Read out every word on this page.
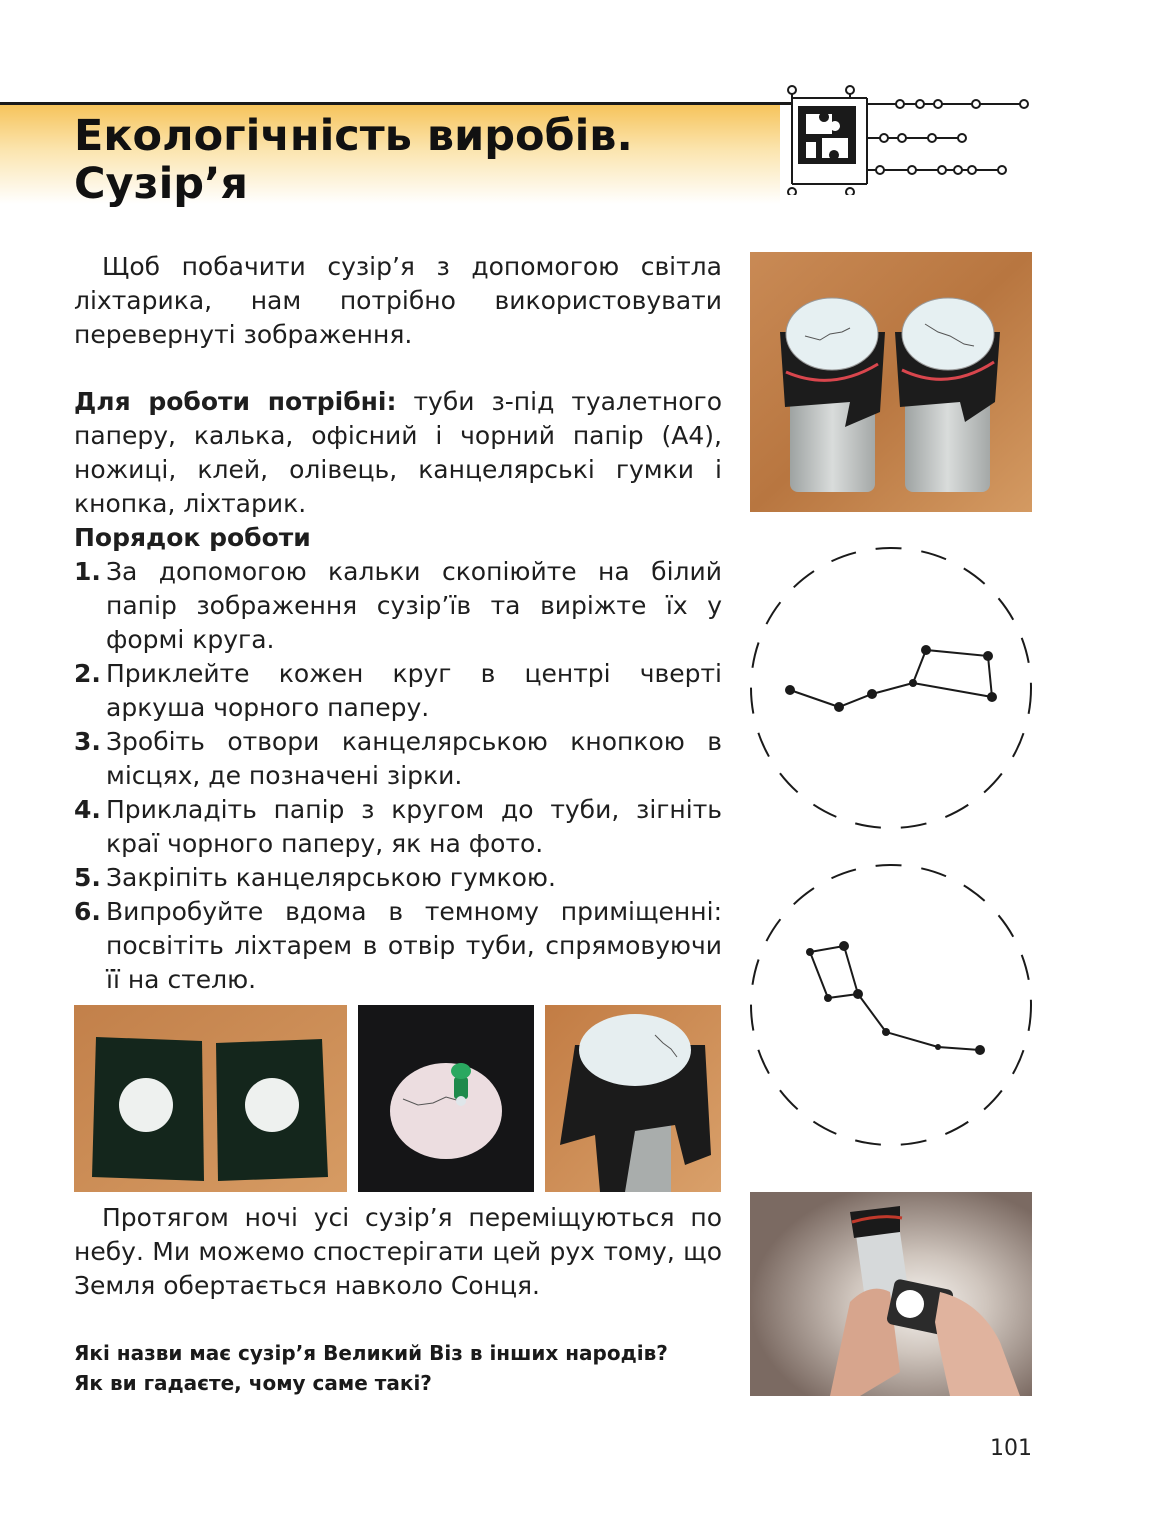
Екологічність виробів.
Сузір’я

Щоб побачити сузір’я з допомогою світла ліхтарика, нам потрібно використовувати перевернуті зображення.

Для роботи потрібні: туби з-під туалетного паперу, калька, офісний і чорний папір (А4), ножиці, клей, олівець, канцелярські гумки і кнопка, ліхтарик.

Порядок роботи

1. За допомогою кальки скопіюйте на білий папір зображення сузір’їв та виріжте їх у формі круга.
2. Приклейте кожен круг в центрі чверті аркуша чорного паперу.
3. Зробіть отвори канцелярською кнопкою в місцях, де позначені зірки.
4. Прикладіть папір з кругом до туби, зігніть краї чорного паперу, як на фото.
5. Закріпіть канцелярською гумкою.
6. Випробуйте вдома в темному приміщенні: посвітіть ліхтарем в отвір туби, спрямовуючи її на стелю.

Протягом ночі усі сузір’я переміщуються по небу. Ми можемо спостерігати цей рух тому, що Земля обертається навколо Сонця.

Які назви має сузір’я Великий Віз в інших народів?
Як ви гадаєте, чому саме такі?

101
